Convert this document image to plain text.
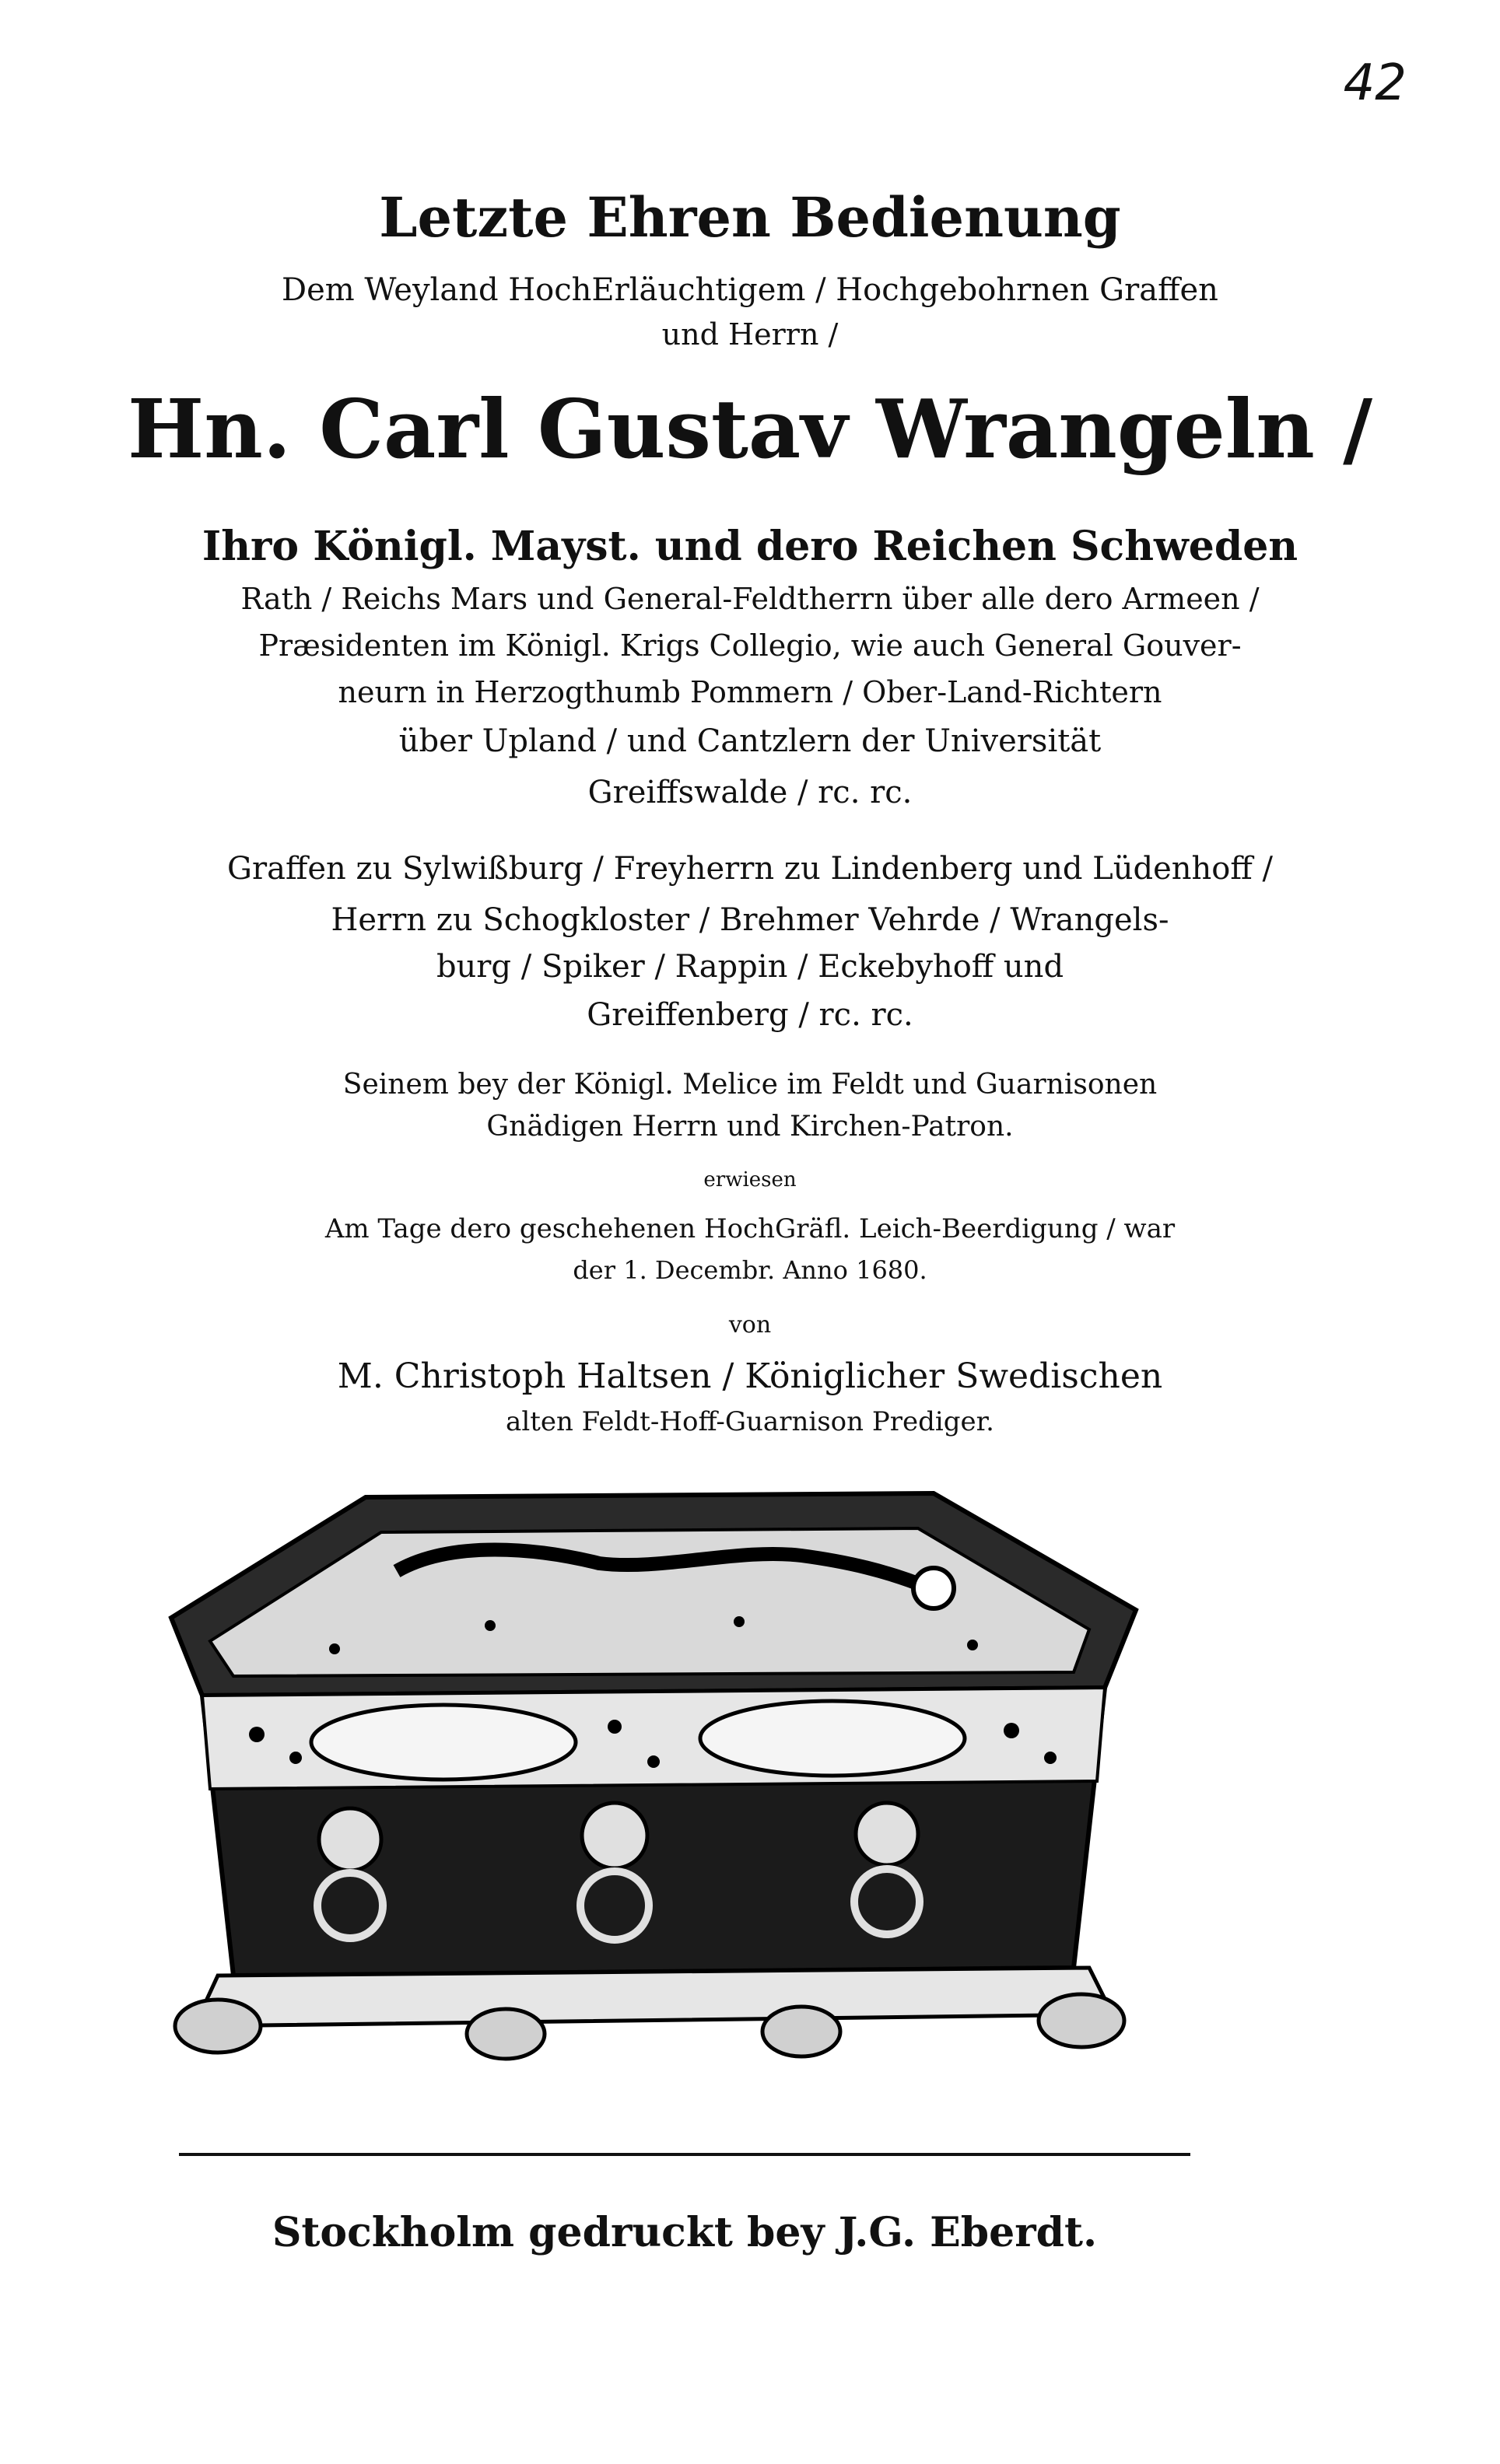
42
Letzte Ehren Bedienung
Dem Weyland HochErläuchtigem / Hochgebohrnen Graffen
und Herrn /
Hn. Carl Gustav Wrangeln /
Ihro Königl. Mayst. und dero Reichen Schweden
Rath / Reichs Mars und General-Feldtherrn über alle dero Armeen /
Præsidenten im Königl. Krigs Collegio, wie auch General Gouver-
neurn in Herzogthumb Pommern / Ober-Land-Richtern
über Upland / und Cantzlern der Universität
Greiffswalde / rc. rc.
Graffen zu Sylwißburg / Freyherrn zu Lindenberg und Lüdenhoff /
Herrn zu Schogkloster / Brehmer Vehrde / Wrangels-
burg / Spiker / Rappin / Eckebyhoff und
Greiffenberg / rc. rc.
Seinem bey der Königl. Melice im Feldt und Guarnisonen
Gnädigen Herrn und Kirchen-Patron.
erwiesen
Am Tage dero geschehenen HochGräfl. Leich-Beerdigung / war
der 1. Decembr. Anno 1680.
von
M. Christoph Haltsen / Königlicher Swedischen
alten Feldt-Hoff-Guarnison Prediger.
Stockholm gedruckt bey J.G. Eberdt.
